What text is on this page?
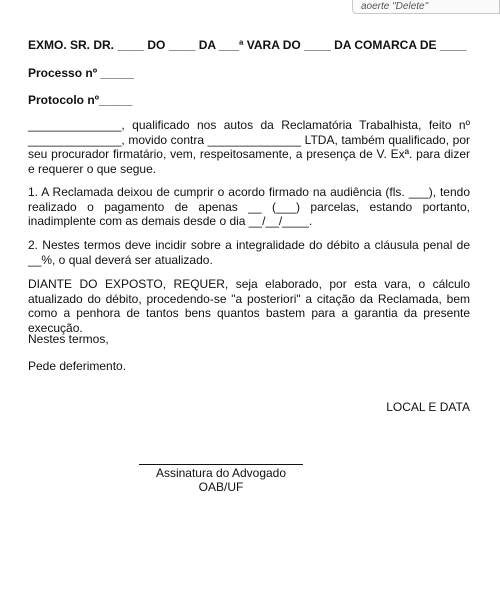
aoerte "Delete"

EXMO. SR. DR. ____ DO ____ DA ___ª VARA DO ____ DA COMARCA DE ____

Processo nº _____

Protocolo nº_____

______________, qualificado nos autos da Reclamatória Trabalhista, feito nº ______________, movido contra ______________ LTDA, também qualificado, por seu procurador firmatário, vem, respeitosamente, a presença de V. Exª. para dizer e requerer o que segue.

1. A Reclamada deixou de cumprir o acordo firmado na audiência (fls. ___), tendo realizado o pagamento de apenas __ (___) parcelas, estando portanto, inadimplente com as demais desde o dia __/__/____.

2. Nestes termos deve incidir sobre a integralidade do débito a cláusula penal de __%, o qual deverá ser atualizado.

DIANTE DO EXPOSTO, REQUER, seja elaborado, por esta vara, o cálculo atualizado do débito, procedendo-se "a posteriori" a citação da Reclamada, bem como a penhora de tantos bens quantos bastem para a garantia da presente execução.

Nestes termos,

Pede deferimento.

LOCAL E DATA

Assinatura do Advogado
OAB/UF
